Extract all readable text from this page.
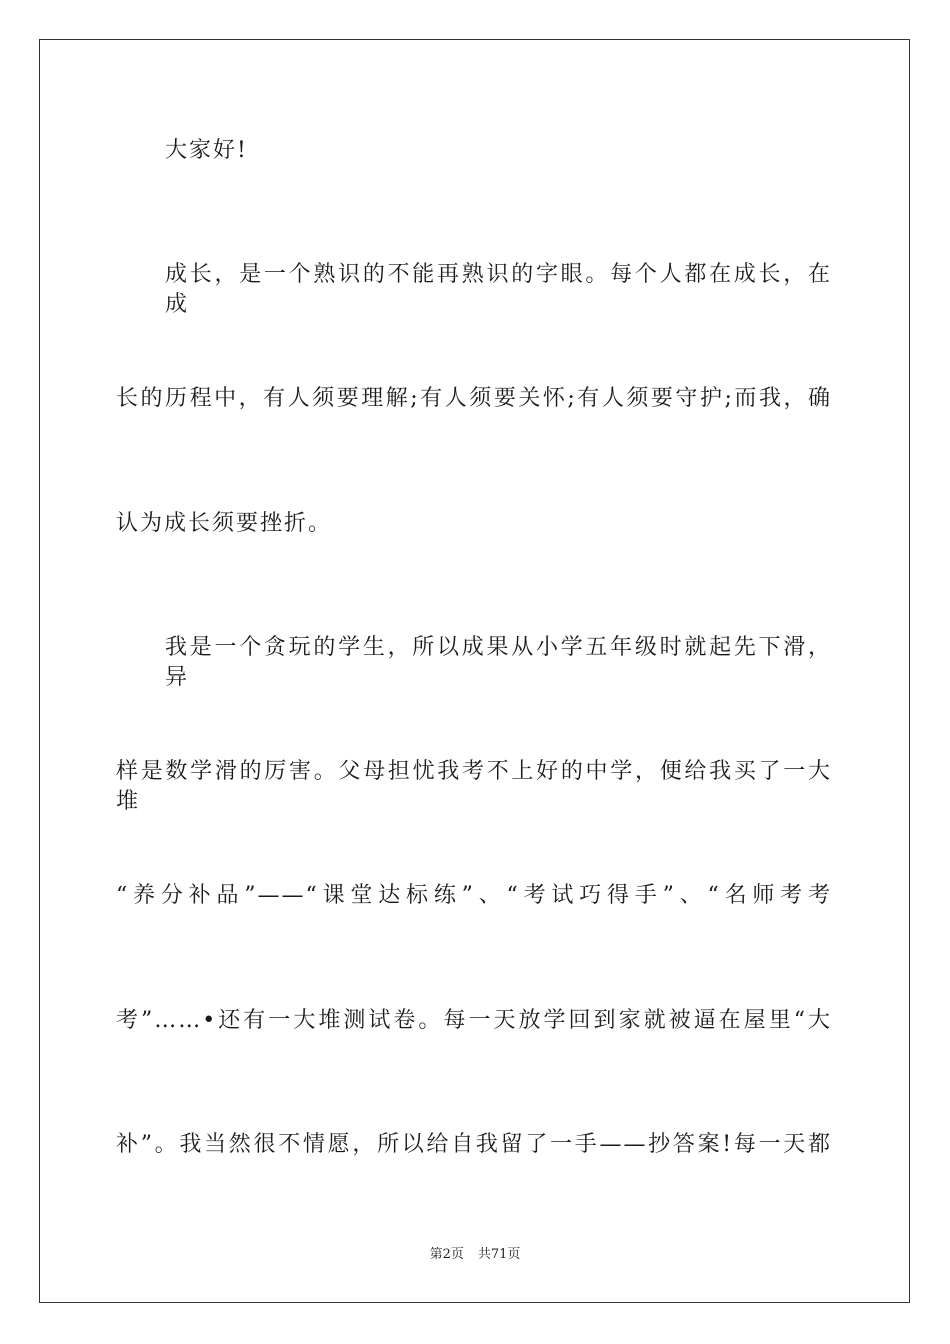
大家好!
成长，是一个熟识的不能再熟识的字眼。每个人都在成长，在成
长的历程中，有人须要理解;有人须要关怀;有人须要守护;而我，确
认为成长须要挫折。
我是一个贪玩的学生，所以成果从小学五年级时就起先下滑，异
样是数学滑的厉害。父母担忧我考不上好的中学，便给我买了一大堆
“养分补品”——“课堂达标练”、“考试巧得手”、“名师考考
考”……•还有一大堆测试卷。每一天放学回到家就被逼在屋里“大
补”。我当然很不情愿，所以给自我留了一手——抄答案!每一天都
第2页 共71页
